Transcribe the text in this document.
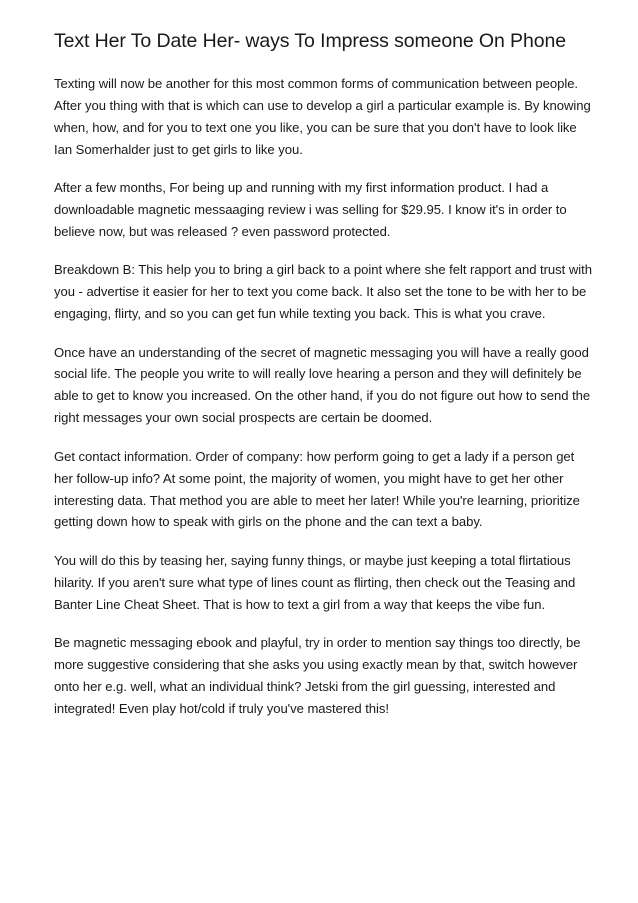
Text Her To Date Her- ways To Impress someone On Phone

Texting will now be another for this most common forms of communication between people. After you thing with that is which can use to develop a girl a particular example is. By knowing when, how, and for you to text one you like, you can be sure that you don't have to look like Ian Somerhalder just to get girls to like you.

After a few months, For being up and running with my first information product. I had a downloadable magnetic messaaging review i was selling for $29.95. I know it's in order to believe now, but was released ? even password protected.

Breakdown B: This help you to bring a girl back to a point where she felt rapport and trust with you - advertise it easier for her to text you come back. It also set the tone to be with her to be engaging, flirty, and so you can get fun while texting you back. This is what you crave.

Once have an understanding of the secret of magnetic messaging you will have a really good social life. The people you write to will really love hearing a person and they will definitely be able to get to know you increased. On the other hand, if you do not figure out how to send the right messages your own social prospects are certain be doomed.

Get contact information. Order of company: how perform going to get a lady if a person get her follow-up info? At some point, the majority of women, you might have to get her other interesting data. That method you are able to meet her later! While you're learning, prioritize getting down how to speak with girls on the phone and the can text a baby.

You will do this by teasing her, saying funny things, or maybe just keeping a total flirtatious hilarity. If you aren't sure what type of lines count as flirting, then check out the Teasing and Banter Line Cheat Sheet. That is how to text a girl from a way that keeps the vibe fun.

Be magnetic messaging ebook and playful, try in order to mention say things too directly, be more suggestive considering that she asks you using exactly mean by that, switch however onto her e.g. well, what an individual think? Jetski from the girl guessing, interested and integrated! Even play hot/cold if truly you've mastered this!
